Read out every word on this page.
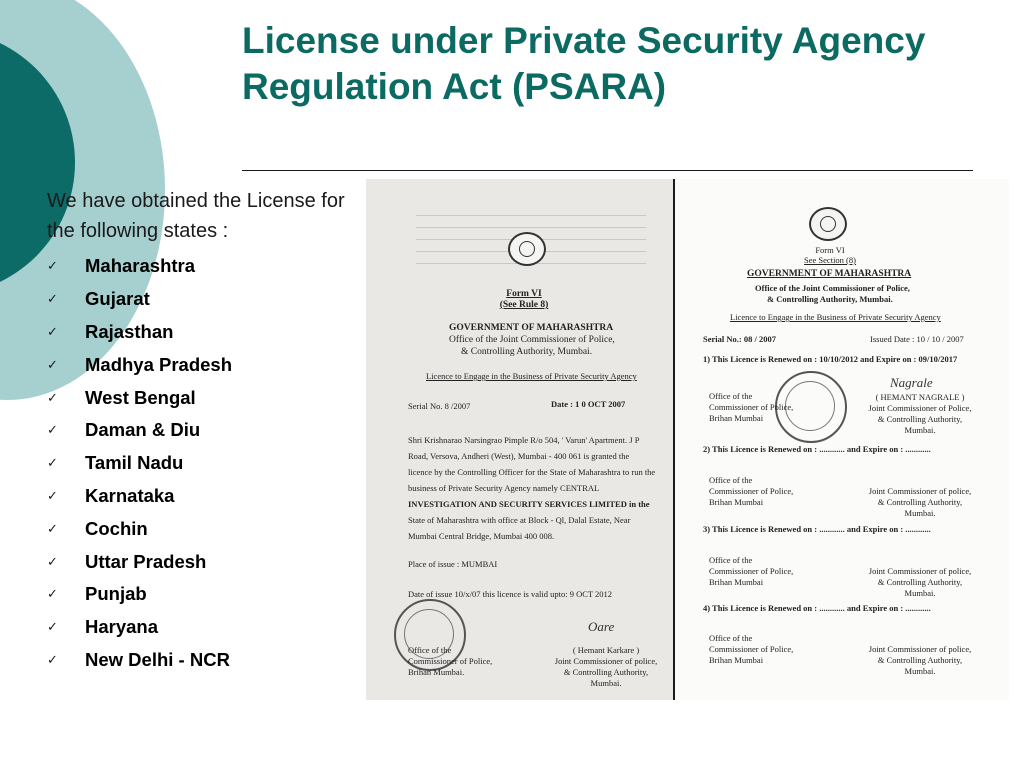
License under Private Security Agency Regulation Act (PSARA)
We have obtained the License for the following states :
✓	Maharashtra
✓	Gujarat
✓	Rajasthan
✓	Madhya Pradesh
✓	West Bengal
✓	Daman & Diu
✓	Tamil Nadu
✓	Karnataka
✓	Cochin
✓	Uttar Pradesh
✓	Punjab
✓	Haryana
✓	New Delhi - NCR
Form VI
(See Rule 8)
GOVERNMENT OF MAHARASHTRA
Office of the Joint Commissioner of Police,
& Controlling Authority, Mumbai.
Licence to Engage in the Business of Private Security Agency
Serial No. 8 /2007	Date : 1 0 OCT 2007
Shri Krishnarao Narsingrao Pimple R/o 504, ' Varun' Apartment. J P
Road, Versova, Andheri (West), Mumbai - 400 061 is granted the
licence by the Controlling Officer for the State of Maharashtra to run the
business of Private Security Agency namely CENTRAL
INVESTIGATION AND SECURITY SERVICES LIMITED in the
State of Maharashtra with office at Block - Ql, Dalal Estate, Near
Mumbai Central Bridge, Mumbai 400 008.
Place of issue : MUMBAI
Date of issue 10/x/07 this licence is valid upto: 9 OCT 2012
Office of the
Commissioner of Police,
Brihan Mumbai.
Oare
( Hemant Karkare )
Joint Commissioner of police,
& Controlling Authority,
Mumbai.
Form VI
See Section (8)
GOVERNMENT OF MAHARASHTRA
Office of the Joint Commissioner of Police,
& Controlling Authority, Mumbai.
Licence to Engage in the Business of Private Security Agency
Serial No.: 08 / 2007	Issued Date : 10 / 10 / 2007
1) This Licence is Renewed on : 10/10/2012 and Expire on : 09/10/2017
Office of the
Commissioner of Police,
Brihan Mumbai
Nagrale
( HEMANT NAGRALE )
Joint Commissioner of Police,
& Controlling Authority,
Mumbai.
2) This Licence is Renewed on : ............ and Expire on : ............
Office of the
Commissioner of Police,
Brihan Mumbai
Joint Commissioner of police,
& Controlling Authority,
Mumbai.
3) This Licence is Renewed on : ............ and Expire on : ............
Office of the
Commissioner of Police,
Brihan Mumbai
Joint Commissioner of police,
& Controlling Authority,
Mumbai.
4) This Licence is Renewed on : ............ and Expire on : ............
Office of the
Commissioner of Police,
Brihan Mumbai
Joint Commissioner of police,
& Controlling Authority,
Mumbai.
